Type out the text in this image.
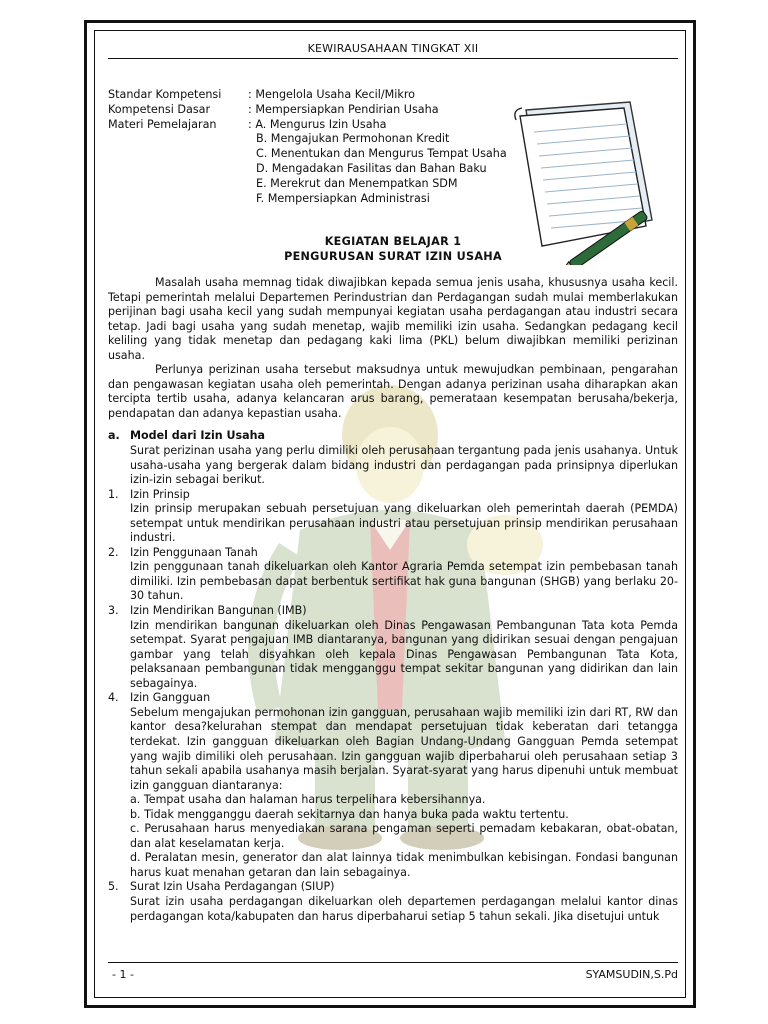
KEWIRAUSAHAAN TINGKAT XII
Standar Kompetensi	: Mengelola Usaha Kecil/Mikro
Kompetensi Dasar	: Mempersiapkan Pendirian Usaha
Materi Pemelajaran	: A. Mengurus Izin Usaha
B. Mengajukan Permohonan Kredit
C. Menentukan dan Mengurus Tempat Usaha
D. Mengadakan Fasilitas dan Bahan Baku
E. Merekrut dan Menempatkan SDM
F. Mempersiapkan Administrasi
KEGIATAN BELAJAR 1
PENGURUSAN SURAT IZIN USAHA

Masalah usaha memnag tidak diwajibkan kepada semua jenis usaha, khususnya usaha kecil. Tetapi pemerintah melalui Departemen Perindustrian dan Perdagangan sudah mulai memberlakukan perijinan bagi usaha kecil yang sudah mempunyai kegiatan usaha perdagangan atau industri secara tetap. Jadi bagi usaha yang sudah menetap, wajib memiliki izin usaha. Sedangkan pedagang kecil keliling yang tidak menetap dan pedagang kaki lima (PKL) belum diwajibkan memiliki perizinan usaha.

Perlunya perizinan usaha tersebut maksudnya untuk mewujudkan pembinaan, pengarahan dan pengawasan kegiatan usaha oleh pemerintah. Dengan adanya perizinan usaha diharapkan akan tercipta tertib usaha, adanya kelancaran arus barang, pemerataan kesempatan berusaha/bekerja, pendapatan dan adanya kepastian usaha.

a. Model dari Izin Usaha

Surat perizinan usaha yang perlu dimiliki oleh perusahaan tergantung pada jenis usahanya. Untuk usaha-usaha yang bergerak dalam bidang industri dan perdagangan pada prinsipnya diperlukan izin-izin sebagai berikut.

1.	Izin Prinsip

Izin prinsip merupakan sebuah persetujuan yang dikeluarkan oleh pemerintah daerah (PEMDA) setempat untuk mendirikan perusahaan industri atau persetujuan prinsip mendirikan perusahaan industri.

2.	Izin Penggunaan Tanah

Izin penggunaan tanah dikeluarkan oleh Kantor Agraria Pemda setempat izin pembebasan tanah dimiliki. Izin pembebasan dapat berbentuk sertifikat hak guna bangunan (SHGB) yang berlaku 20-30 tahun.

3.	Izin Mendirikan Bangunan (IMB)

Izin mendirikan bangunan dikeluarkan oleh Dinas Pengawasan Pembangunan Tata kota Pemda setempat. Syarat pengajuan IMB diantaranya, bangunan yang didirikan sesuai dengan pengajuan gambar yang telah disyahkan oleh kepala Dinas Pengawasan Pembangunan Tata Kota, pelaksanaan pembangunan tidak mengganggu tempat sekitar bangunan yang didirikan dan lain sebagainya.

4.	Izin Gangguan

Sebelum mengajukan permohonan izin gangguan, perusahaan wajib memiliki izin dari RT, RW dan kantor desa?kelurahan stempat dan mendapat persetujuan tidak keberatan dari tetangga terdekat. Izin gangguan dikeluarkan oleh Bagian Undang-Undang Gangguan Pemda setempat yang wajib dimiliki oleh perusahaan. Izin gangguan wajib diperbaharui oleh perusahaan setiap 3 tahun sekali apabila usahanya masih berjalan. Syarat-syarat yang harus dipenuhi untuk membuat izin gangguan diantaranya:

a. Tempat usaha dan halaman harus terpelihara kebersihannya.

b. Tidak mengganggu daerah sekitarnya dan hanya buka pada waktu tertentu.

c. Perusahaan harus menyediakan sarana pengaman seperti pemadam kebakaran, obat-obatan, dan alat keselamatan kerja.

d. Peralatan mesin, generator dan alat lainnya tidak menimbulkan kebisingan. Fondasi bangunan harus kuat menahan getaran dan lain sebagainya.

5.	Surat Izin Usaha Perdagangan (SIUP)

Surat izin usaha perdagangan dikeluarkan oleh departemen perdagangan melalui kantor dinas perdagangan kota/kabupaten dan harus diperbaharui setiap 5 tahun sekali. Jika disetujui untuk

- 1 -	SYAMSUDIN,S.Pd
